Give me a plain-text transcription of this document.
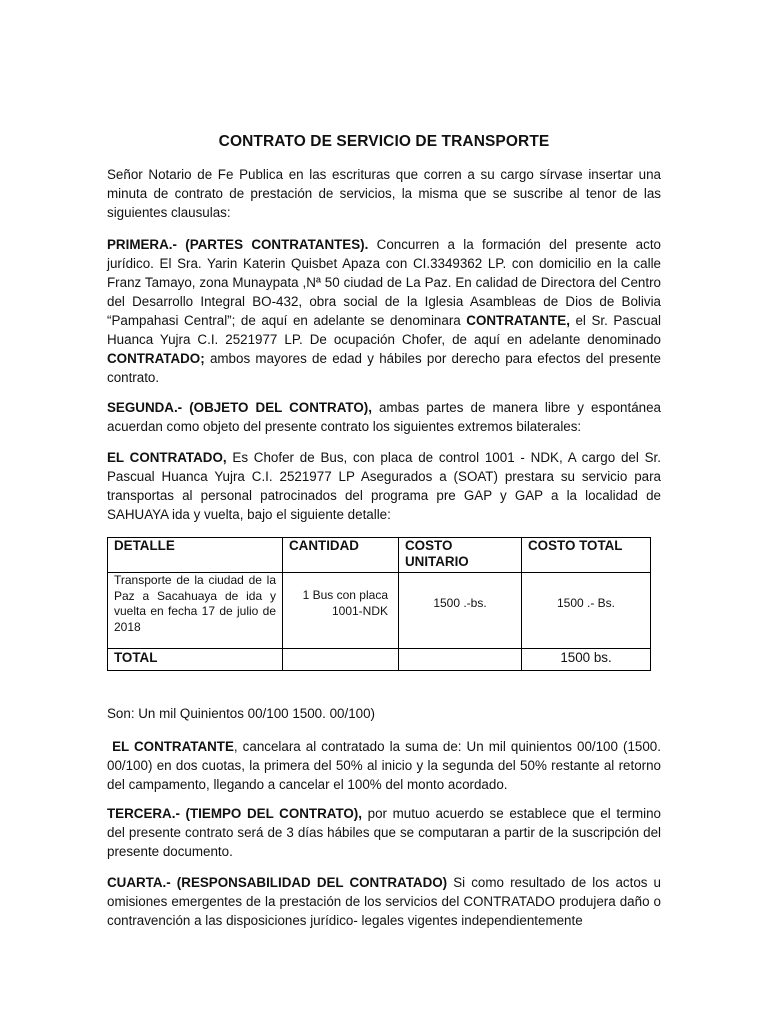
CONTRATO DE SERVICIO DE TRANSPORTE

Señor Notario de Fe Publica en las escrituras que corren a su cargo sírvase insertar una minuta de contrato de prestación de servicios, la misma que se suscribe al tenor de las siguientes clausulas:

PRIMERA.- (PARTES CONTRATANTES). Concurren a la formación del presente acto jurídico. El Sra. Yarin Katerin Quisbet Apaza con CI.3349362 LP. con domicilio en la calle Franz Tamayo, zona Munaypata ,Nª 50 ciudad de La Paz. En calidad de Directora del Centro del Desarrollo Integral BO-432, obra social de la Iglesia Asambleas de Dios de Bolivia “Pampahasi Central”; de aquí en adelante se denominara CONTRATANTE, el Sr. Pascual Huanca Yujra C.I. 2521977 LP. De ocupación Chofer, de aquí en adelante denominado CONTRATADO; ambos mayores de edad y hábiles por derecho para efectos del presente contrato.

SEGUNDA.- (OBJETO DEL CONTRATO), ambas partes de manera libre y espontánea acuerdan como objeto del presente contrato los siguientes extremos bilaterales:

EL CONTRATADO, Es Chofer de Bus, con placa de control 1001 - NDK, A cargo del Sr. Pascual Huanca Yujra C.I. 2521977 LP Asegurados a (SOAT) prestara su servicio para transportas al personal patrocinados del programa pre GAP y GAP a la localidad de SAHUAYA ida y vuelta, bajo el siguiente detalle:

DETALLE	CANTIDAD	COSTO UNITARIO	COSTO TOTAL
Transporte de la ciudad de la Paz a Sacahuaya de ida y vuelta en fecha 17 de julio de 2018	1 Bus con placa 1001-NDK	1500 .-bs.	1500 .- Bs.
TOTAL			1500 bs.

Son: Un mil Quinientos 00/100 1500. 00/100)

EL CONTRATANTE, cancelara al contratado la suma de: Un mil quinientos 00/100 (1500. 00/100) en dos cuotas, la primera del 50% al inicio y la segunda del 50% restante al retorno del campamento, llegando a cancelar el 100% del monto acordado.

TERCERA.- (TIEMPO DEL CONTRATO), por mutuo acuerdo se establece que el termino del presente contrato será de 3 días hábiles que se computaran a partir de la suscripción del presente documento.

CUARTA.- (RESPONSABILIDAD DEL CONTRATADO) Si como resultado de los actos u omisiones emergentes de la prestación de los servicios del CONTRATADO produjera daño o contravención a las disposiciones jurídico- legales vigentes independientemente
